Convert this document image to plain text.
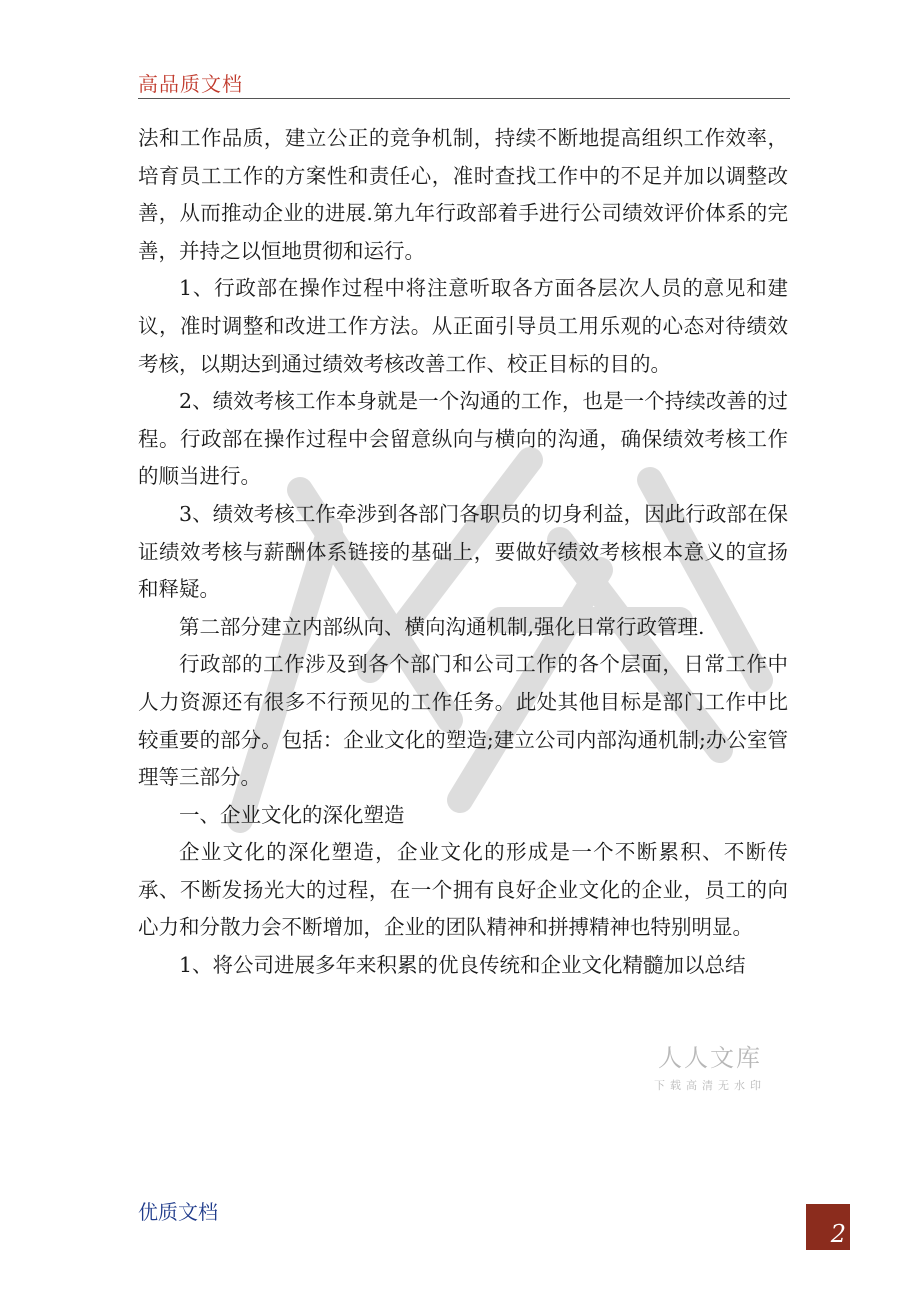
高品质文档

法和工作品质，建立公正的竞争机制，持续不断地提高组织工作效率，培育员工工作的方案性和责任心，准时查找工作中的不足并加以调整改善，从而推动企业的进展.第九年行政部着手进行公司绩效评价体系的完善，并持之以恒地贯彻和运行。

1、行政部在操作过程中将注意听取各方面各层次人员的意见和建议，准时调整和改进工作方法。从正面引导员工用乐观的心态对待绩效考核，以期达到通过绩效考核改善工作、校正目标的目的。

2、绩效考核工作本身就是一个沟通的工作，也是一个持续改善的过程。行政部在操作过程中会留意纵向与横向的沟通，确保绩效考核工作的顺当进行。

3、绩效考核工作牵涉到各部门各职员的切身利益，因此行政部在保证绩效考核与薪酬体系链接的基础上，要做好绩效考核根本意义的宣扬和释疑。

第二部分建立内部纵向、横向沟通机制,强化日常行政管理.

行政部的工作涉及到各个部门和公司工作的各个层面，日常工作中人力资源还有很多不行预见的工作任务。此处其他目标是部门工作中比较重要的部分。包括：企业文化的塑造;建立公司内部沟通机制;办公室管理等三部分。

一、企业文化的深化塑造

企业文化的深化塑造，企业文化的形成是一个不断累积、不断传承、不断发扬光大的过程，在一个拥有良好企业文化的企业，员工的向心力和分散力会不断增加，企业的团队精神和拼搏精神也特别明显。

1、将公司进展多年来积累的优良传统和企业文化精髓加以总结

人人文库
下载高清无水印
优质文档
2
